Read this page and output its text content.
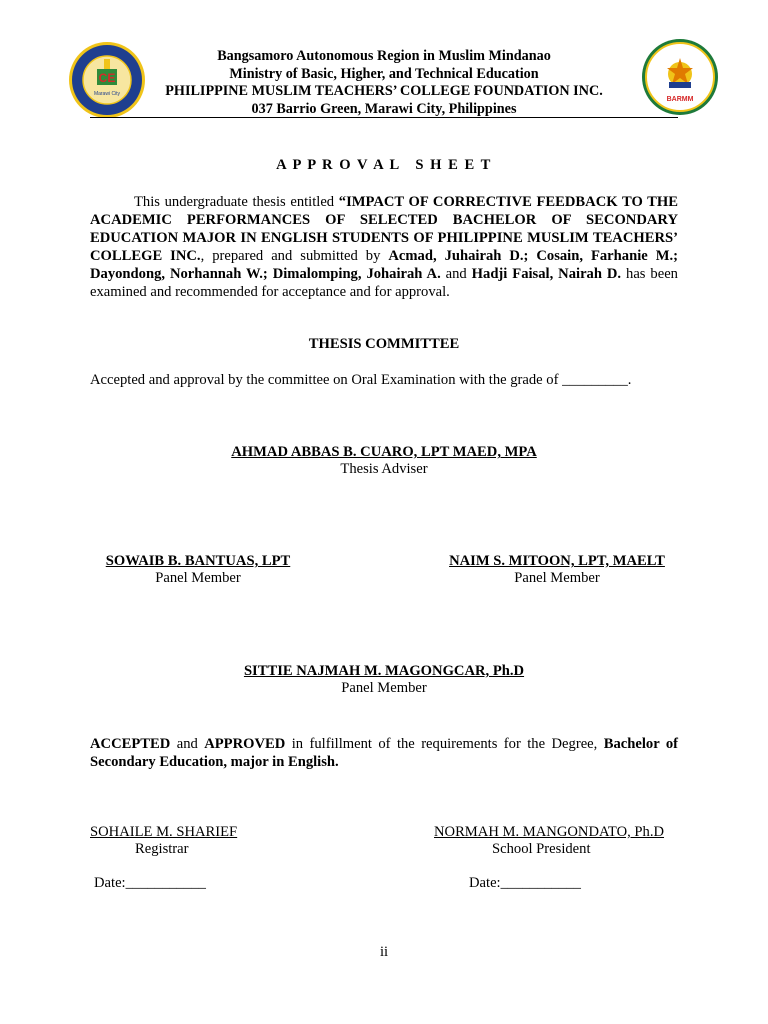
CE
Marawi City
BARMM
Bangsamoro Autonomous Region in Muslim Mindanao
Ministry of Basic, Higher, and Technical Education
PHILIPPINE MUSLIM TEACHERS’ COLLEGE FOUNDATION INC.
037 Barrio Green, Marawi City, Philippines
A P P R O V A L   S H E E T
This undergraduate thesis entitled “IMPACT OF CORRECTIVE FEEDBACK TO THE ACADEMIC PERFORMANCES OF SELECTED BACHELOR OF SECONDARY EDUCATION MAJOR IN ENGLISH STUDENTS OF PHILIPPINE MUSLIM TEACHERS’ COLLEGE INC., prepared and submitted by Acmad, Juhairah D.; Cosain, Farhanie M.; Dayondong, Norhannah W.; Dimalomping, Johairah A. and Hadji Faisal, Nairah D. has been examined and recommended for acceptance and for approval.
THESIS COMMITTEE
Accepted and approval by the committee on Oral Examination with the grade of _________.
AHMAD ABBAS B. CUARO, LPT MAED, MPA
Thesis Adviser
SOWAIB B. BANTUAS, LPT
Panel Member
NAIM S. MITOON, LPT, MAELT
Panel Member
SITTIE NAJMAH M. MAGONGCAR, Ph.D
Panel Member
ACCEPTED and APPROVED in fulfillment of the requirements for the Degree, Bachelor of Secondary Education, major in English.
SOHAILE M. SHARIEF
Registrar
Date:___________
NORMAH M. MANGONDATO, Ph.D
School President
Date:___________
ii
